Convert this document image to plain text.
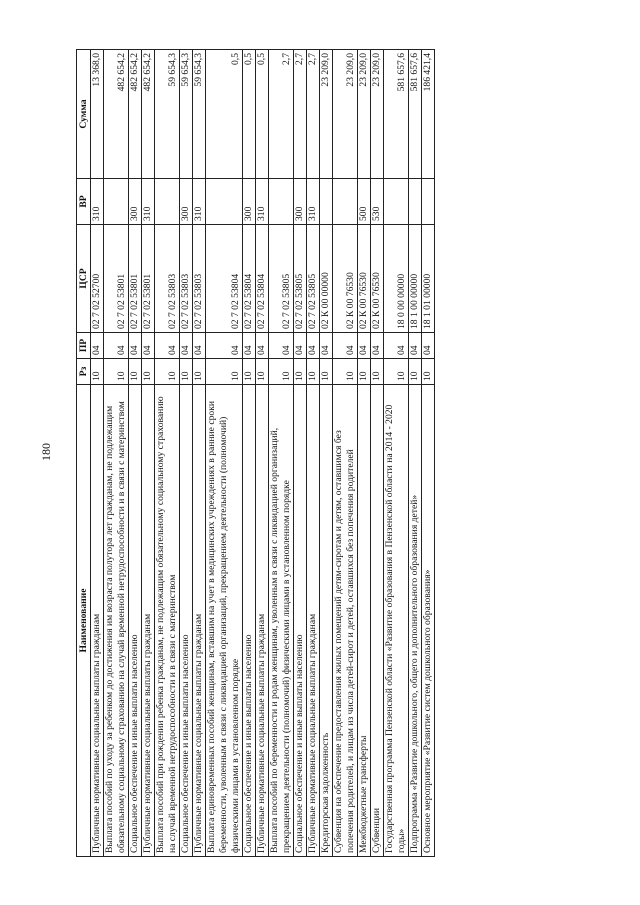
180
Наименование	Рз	ПР	ЦСР	ВР	Сумма
Публичные нормативные социальные выплаты гражданам	10	04	02 7 02 52700	310	13 368,0
Выплата пособий по уходу за ребенком до достижения им возраста полутора лет гражданам, не подлежащим обязательному социальному страхованию на случай временной нетрудоспособности и в связи с материнством	10	04	02 7 02 53801		482 654,2
Социальное обеспечение и иные выплаты населению	10	04	02 7 02 53801	300	482 654,2
Публичные нормативные социальные выплаты гражданам	10	04	02 7 02 53801	310	482 654,2
Выплата пособий при рождении ребенка гражданам, не подлежащим обязательному социальному страхованию на случай временной нетрудоспособности и в связи с материнством	10	04	02 7 02 53803		59 654,3
Социальное обеспечение и иные выплаты населению	10	04	02 7 02 53803	300	59 654,3
Публичные нормативные социальные выплаты гражданам	10	04	02 7 02 53803	310	59 654,3
Выплата единовременных пособий женщинам, вставшим на учет в медицинских учреждениях в ранние сроки беременности, уволенным в связи с ликвидацией организаций, прекращением деятельности (полномочий) физическими лицами в установленном порядке	10	04	02 7 02 53804		0,5
Социальное обеспечение и иные выплаты населению	10	04	02 7 02 53804	300	0,5
Публичные нормативные социальные выплаты гражданам	10	04	02 7 02 53804	310	0,5
Выплата пособий по беременности и родам женщинам, уволенным в связи с ликвидацией организаций, прекращением деятельности (полномочий) физическими лицами в установленном порядке	10	04	02 7 02 53805		2,7
Социальное обеспечение и иные выплаты населению	10	04	02 7 02 53805	300	2,7
Публичные нормативные социальные выплаты гражданам	10	04	02 7 02 53805	310	2,7
Кредиторская задолженность	10	04	02 К 00 00000		23 209,0
Субвенция на обеспечение предоставления жилых помещений детям-сиротам и детям, оставшимся без попечения родителей, и лицам из числа детей-сирот и детей, оставшихся без попечения родителей	10	04	02 К 00 76530		23 209,0
Межбюджетные трансферты	10	04	02 К 00 76530	500	23 209,0
Субвенции	10	04	02 К 00 76530	530	23 209,0
Государственная программа Пензенской области «Развитие образования в Пензенской области на 2014 - 2020 годы»	10	04	18 0 00 00000		581 657,6
Подпрограмма «Развитие дошкольного, общего и дополнительного образования детей»	10	04	18 1 00 00000		581 657,6
Основное мероприятие «Развитие систем дошкольного образования»	10	04	18 1 01 00000		186 421,4
